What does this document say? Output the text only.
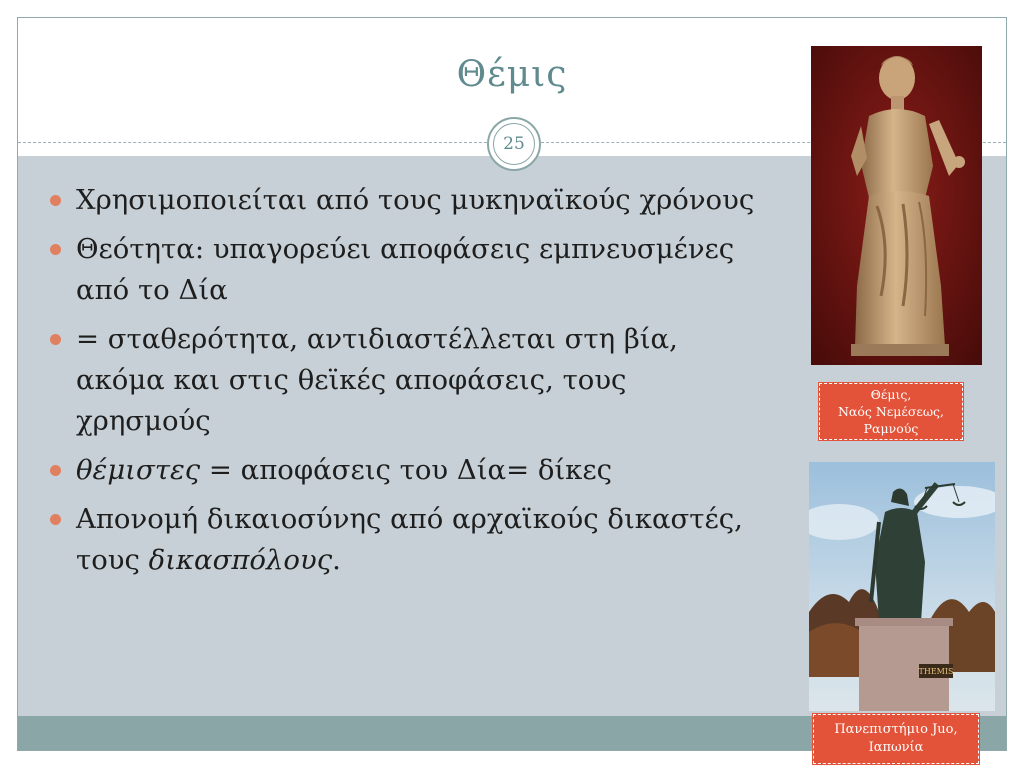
Θέμις
25
Χρησιμοποιείται από τους μυκηναϊκούς χρόνους
Θεότητα: υπαγορεύει αποφάσεις εμπνευσμένες από το Δία
= σταθερότητα, αντιδιαστέλλεται στη βία, ακόμα και στις θεϊκές αποφάσεις, τους χρησμούς
θέμιστες = αποφάσεις του Δία= δίκες
Απονομή δικαιοσύνης από αρχαϊκούς δικαστές, τους δικασπόλους.
Θέμις,
Ναός Νεμέσεως,
Ραμνούς
THEMIS
Πανεπιστήμιο Juo,
Ιαπωνία
